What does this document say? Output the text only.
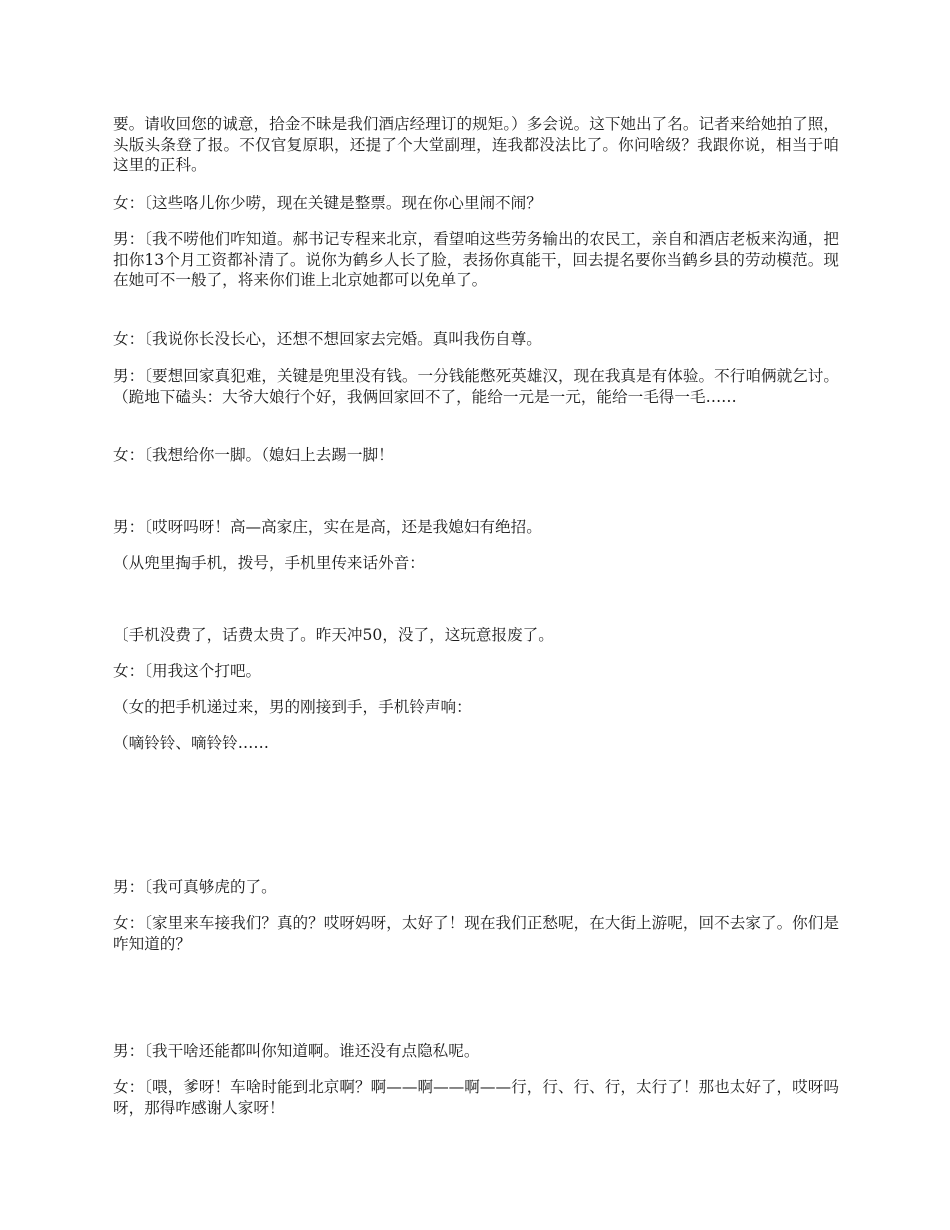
要。请收回您的诚意，拾金不昧是我们酒店经理订的规矩。）多会说。这下她出了名。记者来给她拍了照，头版头条登了报。不仅官复原职，还提了个大堂副理，连我都没法比了。你问啥级？我跟你说，相当于咱这里的正科。

女：〔这些咯儿你少唠，现在关键是整票。现在你心里闹不闹？

男：〔我不唠他们咋知道。郝书记专程来北京，看望咱这些劳务输出的农民工，亲自和酒店老板来沟通，把扣你13个月工资都补清了。说你为鹤乡人长了脸，表扬你真能干，回去提名要你当鹤乡县的劳动模范。现在她可不一般了，将来你们谁上北京她都可以免单了。

女：〔我说你长没长心，还想不想回家去完婚。真叫我伤自尊。

男：〔要想回家真犯难，关键是兜里没有钱。一分钱能憋死英雄汉，现在我真是有体验。不行咱俩就乞讨。（跪地下磕头：大爷大娘行个好，我俩回家回不了，能给一元是一元，能给一毛得一毛……

女：〔我想给你一脚。（媳妇上去踢一脚！

男：〔哎呀吗呀！高—高家庄，实在是高，还是我媳妇有绝招。

（从兜里掏手机，拨号，手机里传来话外音：

〔手机没费了，话费太贵了。昨天冲50，没了，这玩意报废了。

女：〔用我这个打吧。

（女的把手机递过来，男的刚接到手，手机铃声响：

（嘀铃铃、嘀铃铃……

男：〔我可真够虎的了。

女：〔家里来车接我们？真的？哎呀妈呀，太好了！现在我们正愁呢，在大街上游呢，回不去家了。你们是咋知道的？

男：〔我干啥还能都叫你知道啊。谁还没有点隐私呢。

女：〔喂，爹呀！车啥时能到北京啊？啊——啊——啊——行，行、行、行，太行了！那也太好了，哎呀吗呀，那得咋感谢人家呀！
